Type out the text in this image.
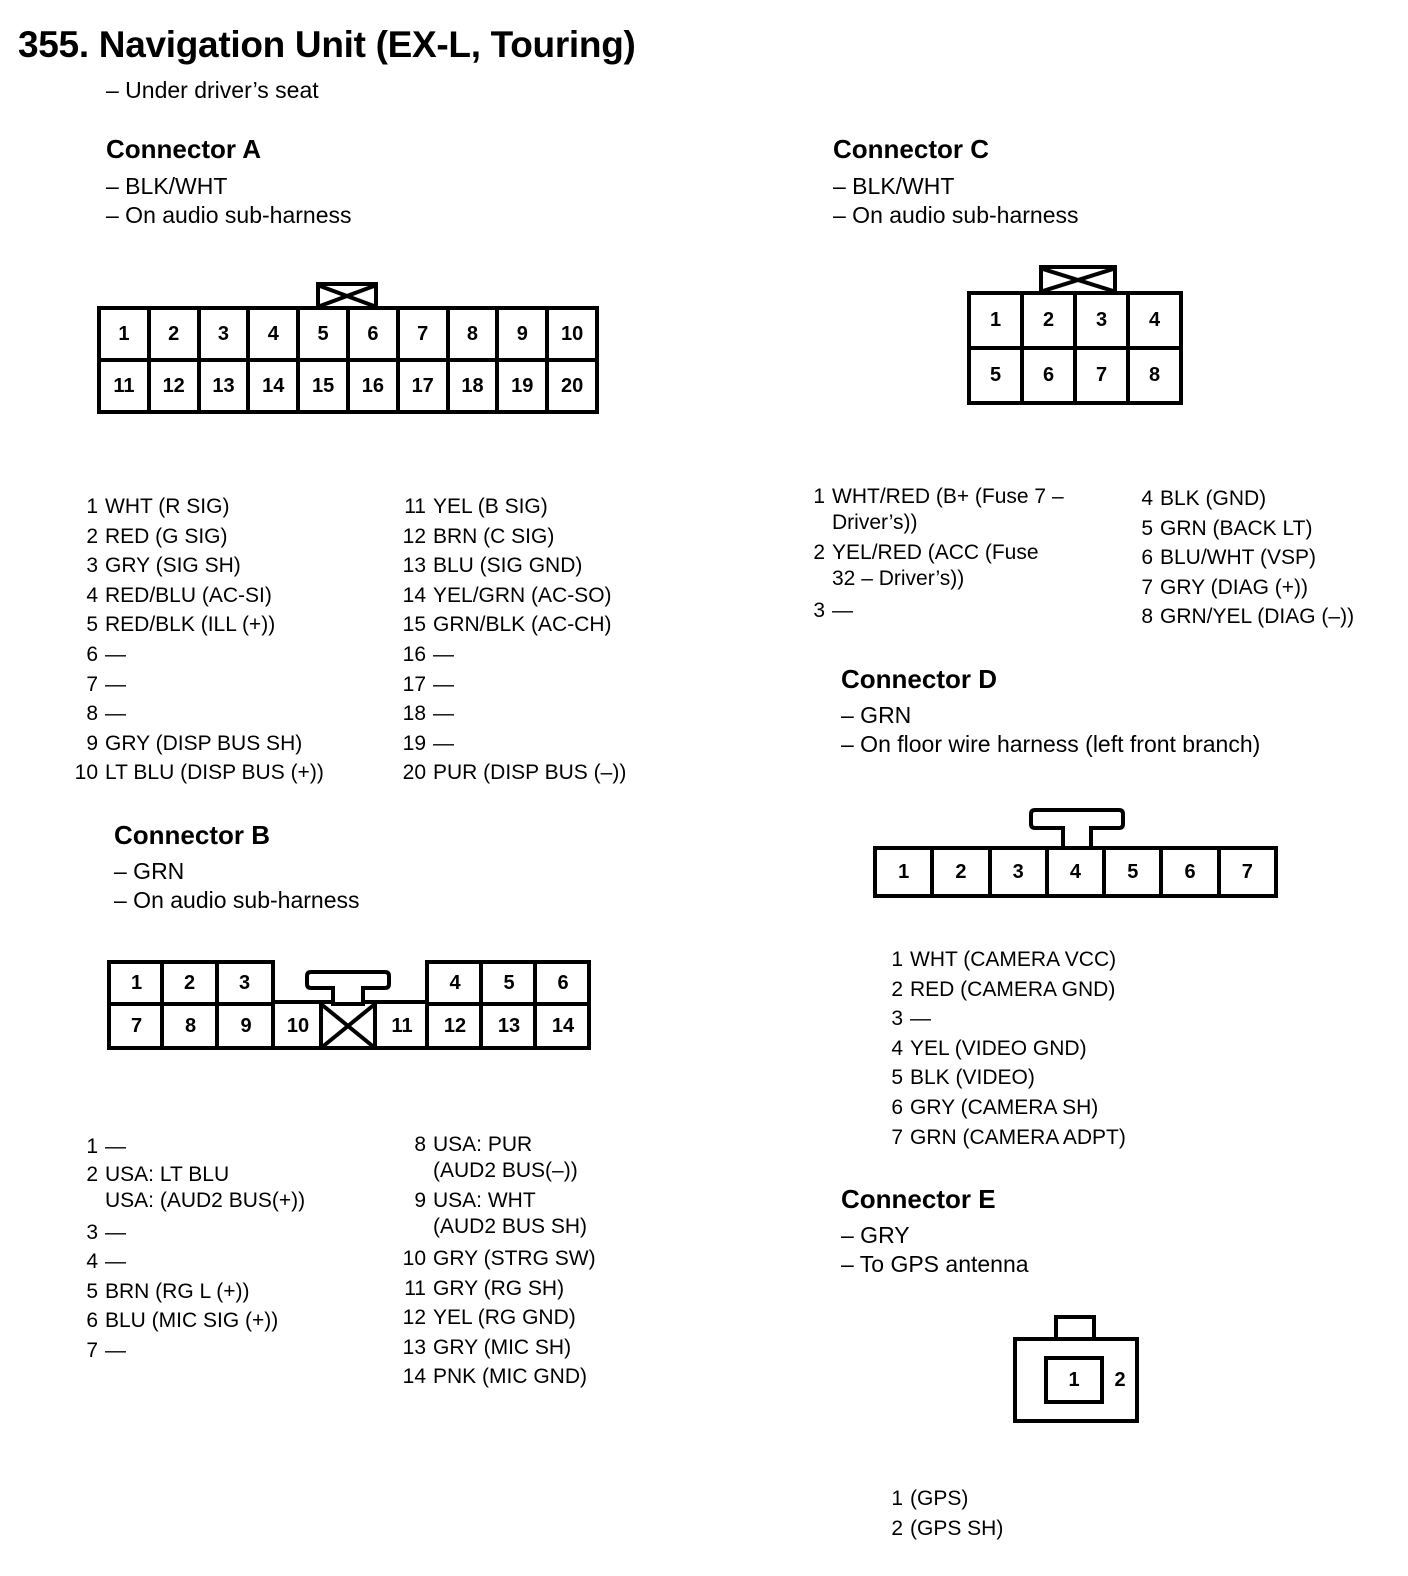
355. Navigation Unit (EX-L, Touring)
– Under driver’s seat
Connector A
– BLK/WHT
– On audio sub-harness
1	2	3	4	5	6	7	8	9	10
11	12	13	14	15	16	17	18	19	20
1 WHT (R SIG)
2 RED (G SIG)
3 GRY (SIG SH)
4 RED/BLU (AC-SI)
5 RED/BLK (ILL (+))
6 —
7 —
8 —
9 GRY (DISP BUS SH)
10 LT BLU (DISP BUS (+))
11 YEL (B SIG)
12 BRN (C SIG)
13 BLU (SIG GND)
14 YEL/GRN (AC-SO)
15 GRN/BLK (AC-CH)
16 —
17 —
18 —
19 —
20 PUR (DISP BUS (–))
Connector B
– GRN
– On audio sub-harness
1	2	3	4	5	6
7	8	9	10	11	12	13	14
1 —
2 USA: LT BLU
USA: (AUD2 BUS(+))
3 —
4 —
5 BRN (RG L (+))
6 BLU (MIC SIG (+))
7 —
8 USA: PUR
(AUD2 BUS(–))
9 USA: WHT
(AUD2 BUS SH)
10 GRY (STRG SW)
11 GRY (RG SH)
12 YEL (RG GND)
13 GRY (MIC SH)
14 PNK (MIC GND)
Connector C
– BLK/WHT
– On audio sub-harness
1	2	3	4
5	6	7	8
1 WHT/RED (B+ (Fuse 7 –
Driver’s))
2 YEL/RED (ACC (Fuse
32 – Driver’s))
3 —
4 BLK (GND)
5 GRN (BACK LT)
6 BLU/WHT (VSP)
7 GRY (DIAG (+))
8 GRN/YEL (DIAG (–))
Connector D
– GRN
– On floor wire harness (left front branch)
1	2	3	4	5	6	7
1 WHT (CAMERA VCC)
2 RED (CAMERA GND)
3 —
4 YEL (VIDEO GND)
5 BLK (VIDEO)
6 GRY (CAMERA SH)
7 GRN (CAMERA ADPT)
Connector E
– GRY
– To GPS antenna
1	2
1 (GPS)
2 (GPS SH)
